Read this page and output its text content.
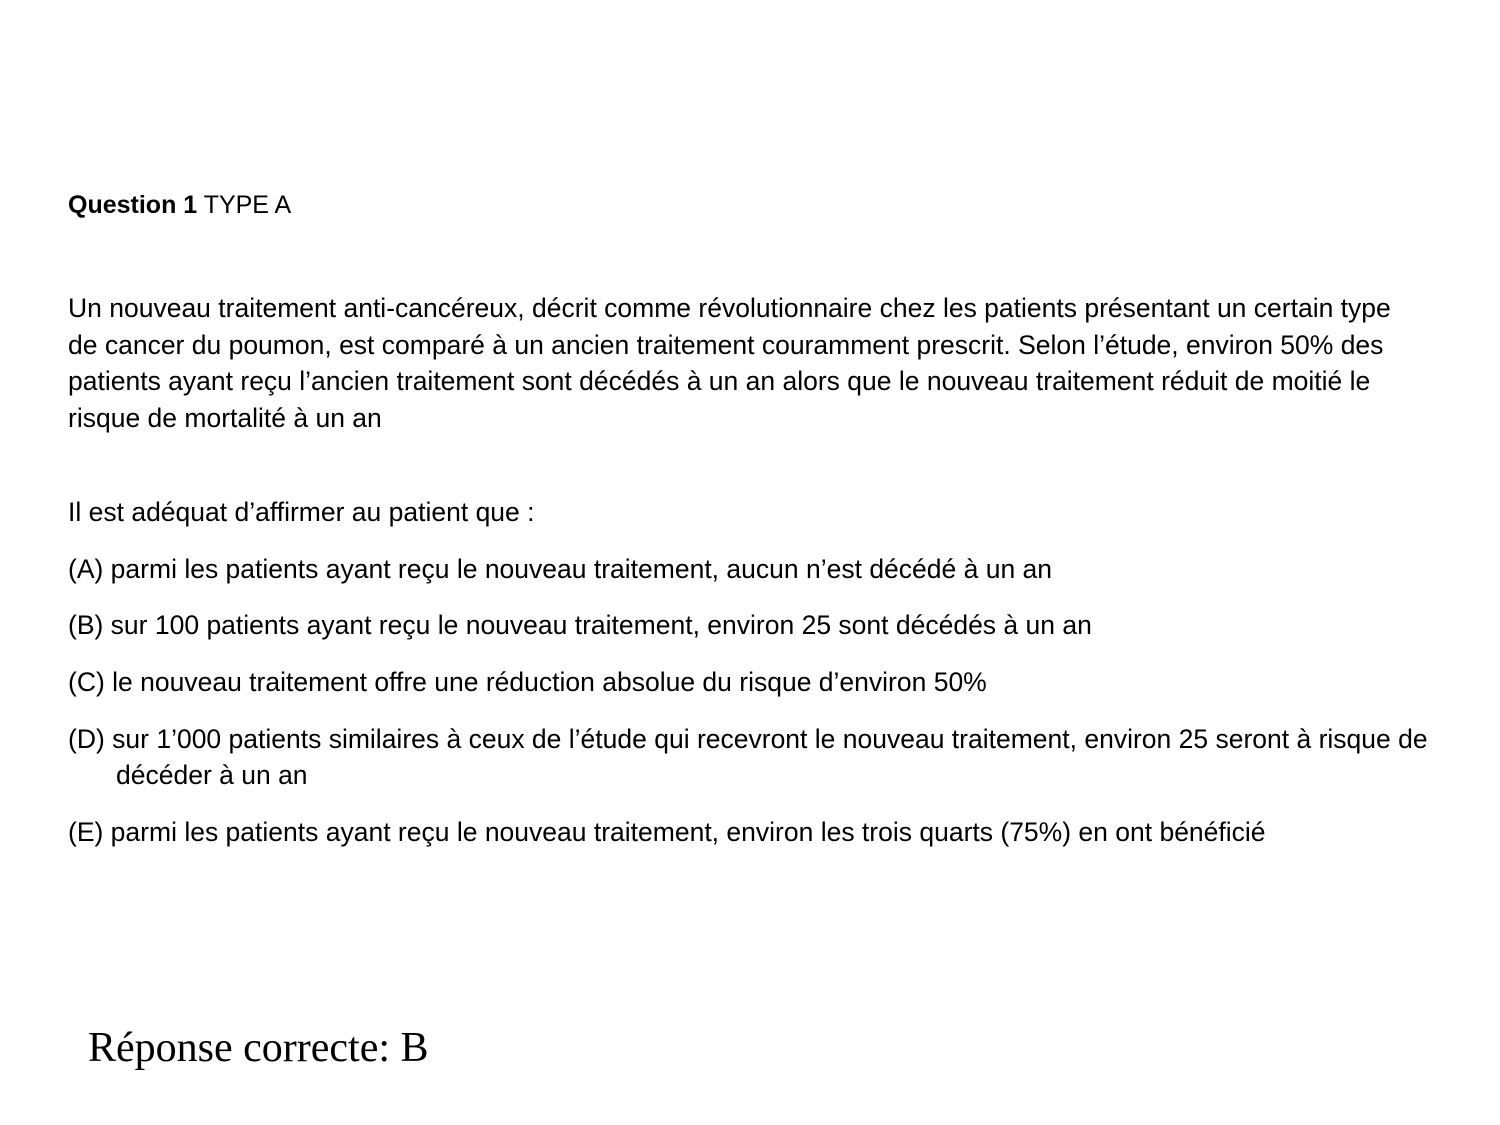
Question 1 TYPE A
Un nouveau traitement anti-cancéreux, décrit comme révolutionnaire chez les patients présentant un certain type de cancer du poumon, est comparé à un ancien traitement couramment prescrit. Selon l’étude, environ 50% des patients ayant reçu l’ancien traitement sont décédés à un an alors que le nouveau traitement réduit de moitié le risque de mortalité à un an
Il est adéquat d’affirmer au patient que :
(A) parmi les patients ayant reçu le nouveau traitement, aucun n’est décédé à un an
(B) sur 100 patients ayant reçu le nouveau traitement, environ 25 sont décédés à un an
(C) le nouveau traitement offre une réduction absolue du risque d’environ 50%
(D) sur 1’000 patients similaires à ceux de l’étude qui recevront le nouveau traitement, environ 25 seront à risque de décéder à un an
(E) parmi les patients ayant reçu le nouveau traitement, environ les trois quarts (75%) en ont bénéficié
Réponse correcte: B
